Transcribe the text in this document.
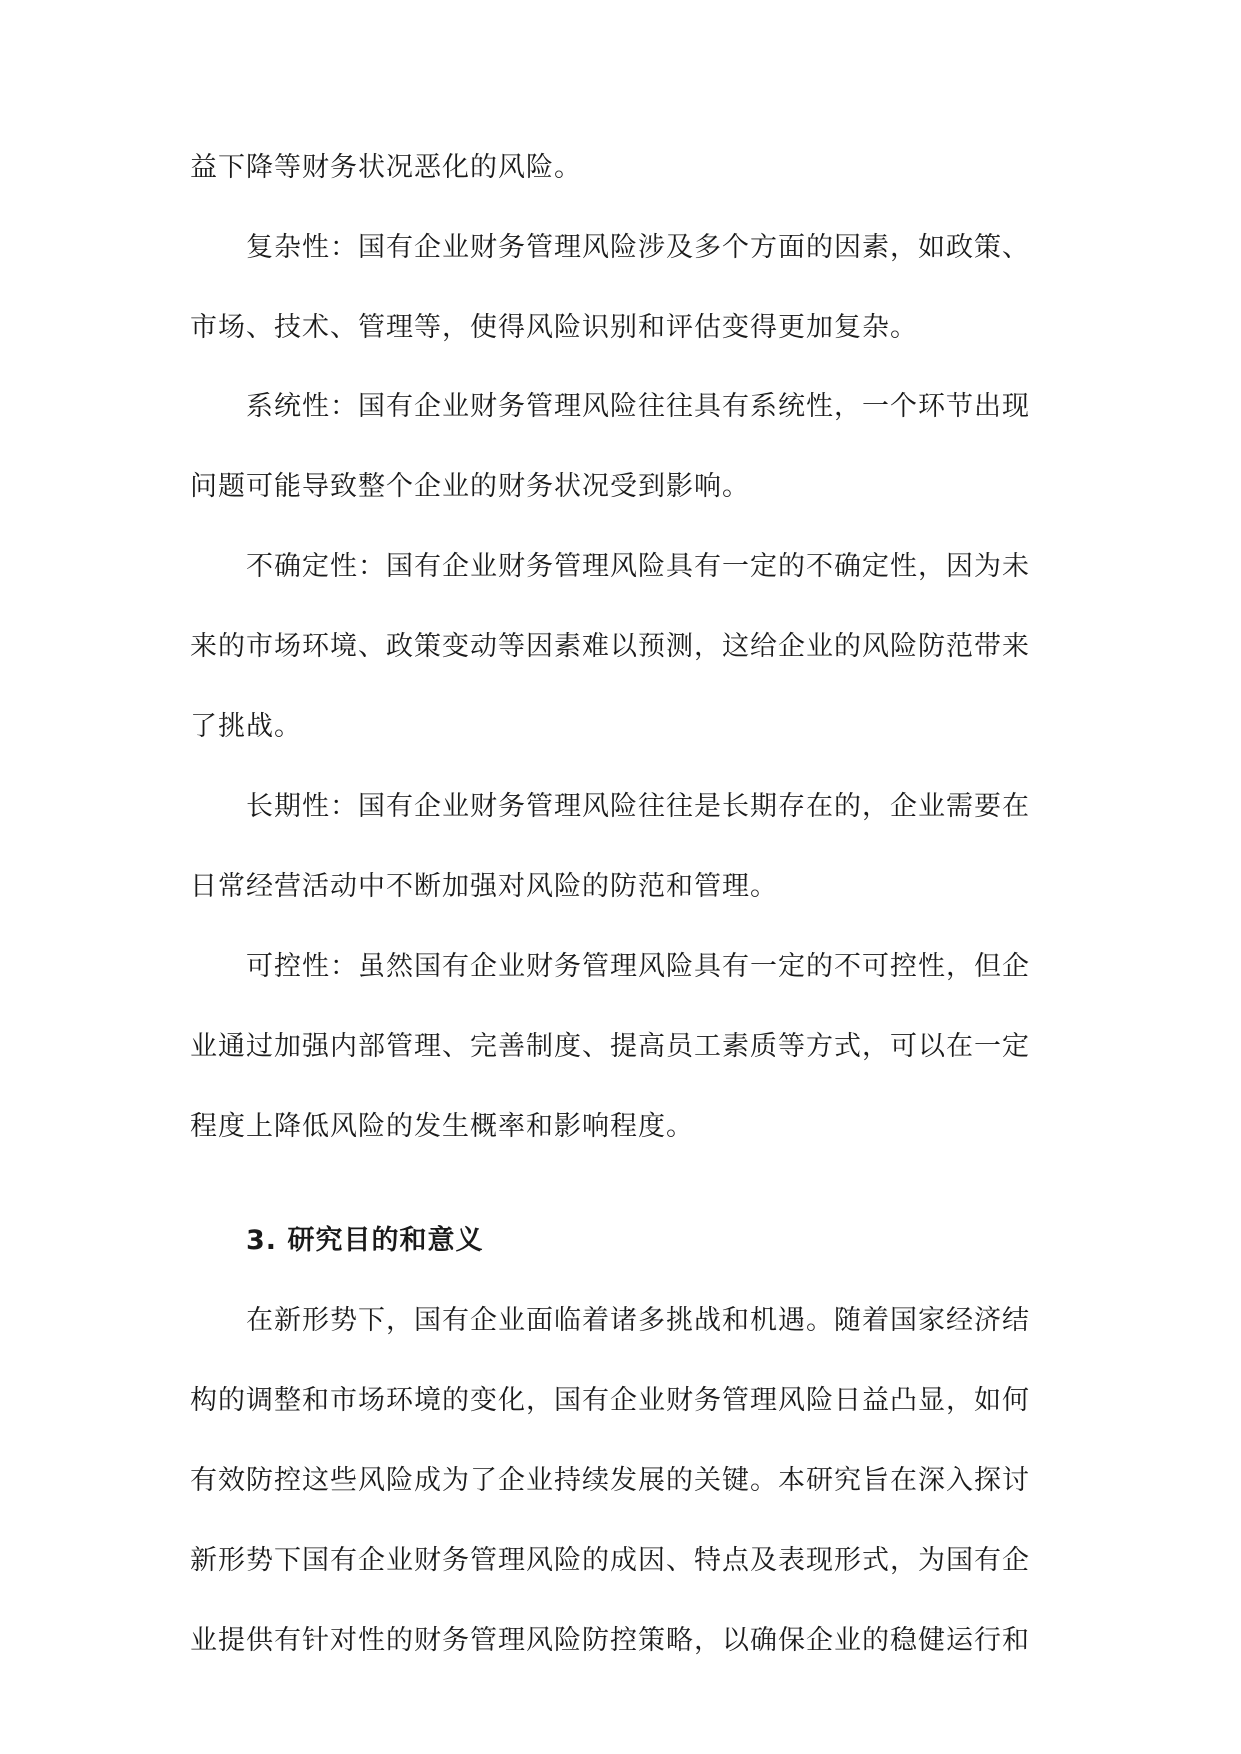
益下降等财务状况恶化的风险。
复杂性：国有企业财务管理风险涉及多个方面的因素，如政策、
市场、技术、管理等，使得风险识别和评估变得更加复杂。
系统性：国有企业财务管理风险往往具有系统性，一个环节出现
问题可能导致整个企业的财务状况受到影响。
不确定性：国有企业财务管理风险具有一定的不确定性，因为未
来的市场环境、政策变动等因素难以预测，这给企业的风险防范带来
了挑战。
长期性：国有企业财务管理风险往往是长期存在的，企业需要在
日常经营活动中不断加强对风险的防范和管理。
可控性：虽然国有企业财务管理风险具有一定的不可控性，但企
业通过加强内部管理、完善制度、提高员工素质等方式，可以在一定
程度上降低风险的发生概率和影响程度。
3. 研究目的和意义
在新形势下，国有企业面临着诸多挑战和机遇。随着国家经济结
构的调整和市场环境的变化，国有企业财务管理风险日益凸显，如何
有效防控这些风险成为了企业持续发展的关键。本研究旨在深入探讨
新形势下国有企业财务管理风险的成因、特点及表现形式，为国有企
业提供有针对性的财务管理风险防控策略，以确保企业的稳健运行和
